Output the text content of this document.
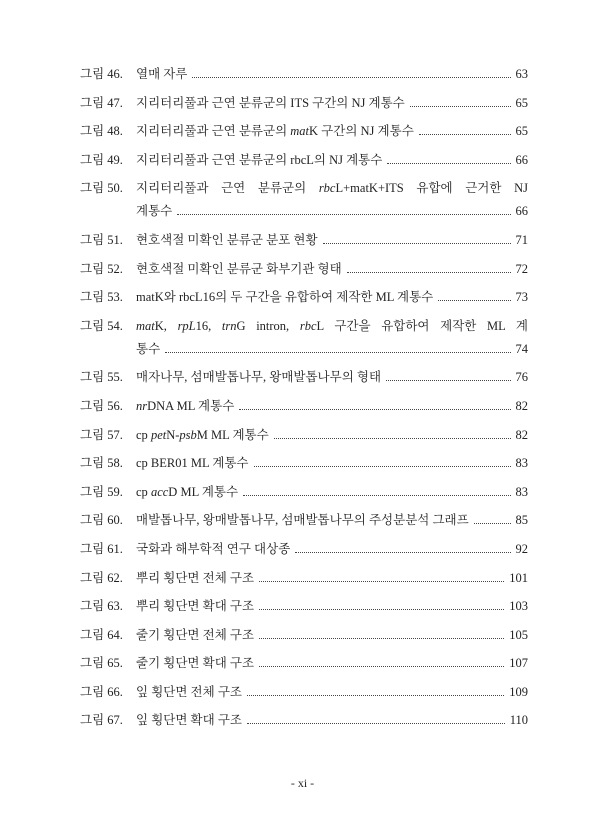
그림 46.	열매 자루	63
그림 47.	지리터리풀과 근연 분류군의 ITS 구간의 NJ 계통수	65
그림 48.	지리터리풀과 근연 분류군의 matK 구간의 NJ 계통수	65
그림 49.	지리터리풀과 근연 분류군의 rbcL의 NJ 계통수	66
그림 50.	지리터리풀과 근연 분류군의 rbcL+matK+ITS 유합에 근거한 NJ
계통수	66
그림 51.	현호색절 미확인 분류군 분포 현황	71
그림 52.	현호색절 미확인 분류군 화부기관 형태	72
그림 53.	matK와 rbcL16의 두 구간을 유합하여 제작한 ML 계통수	73
그림 54.	matK, rpL16, trnG intron, rbcL 구간을 유합하여 제작한 ML 계
통수	74
그림 55.	매자나무, 섬매발톱나무, 왕매발톱나무의 형태	76
그림 56.	nrDNA ML 계통수	82
그림 57.	cp petN-psbM ML 계통수	82
그림 58.	cp BER01 ML 계통수	83
그림 59.	cp accD ML 계통수	83
그림 60.	매발톱나무, 왕매발톱나무, 섬매발톱나무의 주성분분석 그래프	85
그림 61.	국화과 해부학적 연구 대상종	92
그림 62.	뿌리 횡단면 전체 구조	101
그림 63.	뿌리 횡단면 확대 구조	103
그림 64.	줄기 횡단면 전체 구조	105
그림 65.	줄기 횡단면 확대 구조	107
그림 66.	잎 횡단면 전체 구조	109
그림 67.	잎 횡단면 확대 구조	110
- xi -
